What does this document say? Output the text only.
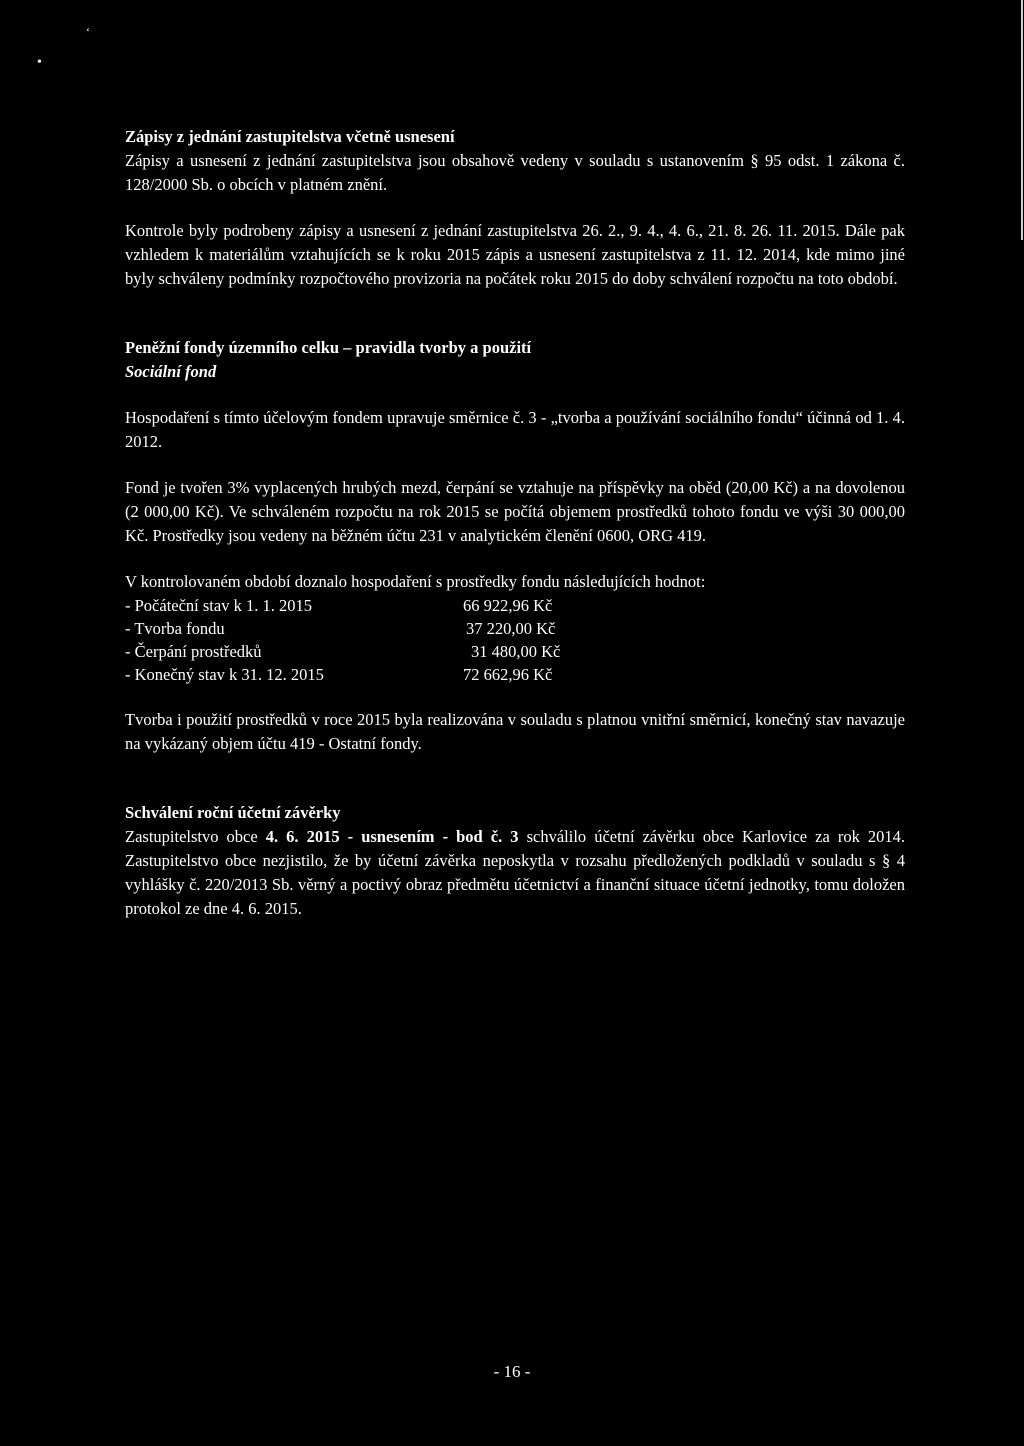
•
ʻ

Zápisy z jednání zastupitelstva včetně usnesení

Zápisy a usnesení z jednání zastupitelstva jsou obsahově vedeny v souladu s ustanovením § 95 odst. 1 zákona č. 128/2000 Sb. o obcích v platném znění.

Kontrole byly podrobeny zápisy a usnesení z jednání zastupitelstva 26. 2., 9. 4., 4. 6., 21. 8. 26. 11. 2015. Dále pak vzhledem k materiálům vztahujících se k roku 2015 zápis a usnesení zastupitelstva z 11. 12. 2014, kde mimo jiné byly schváleny podmínky rozpočtového provizoria na počátek roku 2015 do doby schválení rozpočtu na toto období.

Peněžní fondy územního celku – pravidla tvorby a použití

Sociální fond

Hospodaření s tímto účelovým fondem upravuje směrnice č. 3 - „tvorba a používání sociálního fondu“ účinná od 1. 4. 2012.

Fond je tvořen 3% vyplacených hrubých mezd, čerpání se vztahuje na příspěvky na oběd (20,00 Kč) a na dovolenou (2 000,00 Kč). Ve schváleném rozpočtu na rok 2015 se počítá objemem prostředků tohoto fondu ve výši 30 000,00 Kč. Prostředky jsou vedeny na běžném účtu 231 v analytickém členění 0600, ORG 419.

V kontrolovaném období doznalo hospodaření s prostředky fondu následujících hodnot:

- Počáteční stav k 1. 1. 2015	66 922,96 Kč
- Tvorba fondu	37 220,00 Kč
- Čerpání prostředků	31 480,00 Kč
- Konečný stav k 31. 12. 2015	72 662,96 Kč

Tvorba i použití prostředků v roce 2015 byla realizována v souladu s platnou vnitřní směrnicí, konečný stav navazuje na vykázaný objem účtu 419 - Ostatní fondy.

Schválení roční účetní závěrky

Zastupitelstvo obce 4. 6. 2015 - usnesením - bod č. 3 schválilo účetní závěrku obce Karlovice za rok 2014. Zastupitelstvo obce nezjistilo, že by účetní závěrka neposkytla v rozsahu předložených podkladů v souladu s § 4 vyhlášky č. 220/2013 Sb. věrný a poctivý obraz předmětu účetnictví a finanční situace účetní jednotky, tomu doložen protokol ze dne 4. 6. 2015.

- 16 -
